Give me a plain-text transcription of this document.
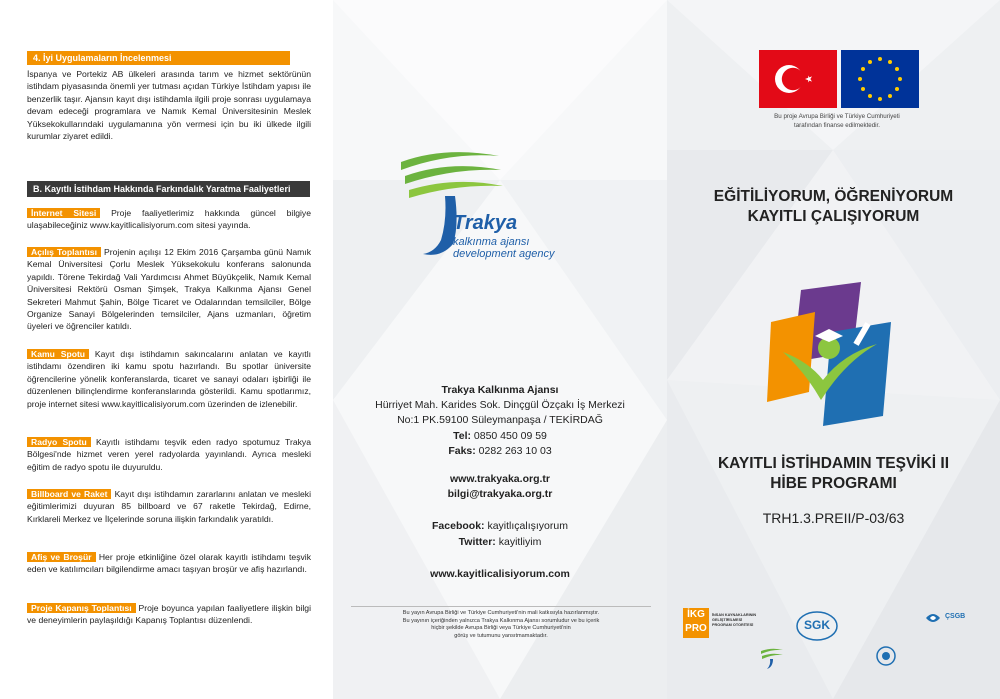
4. İyi Uygulamaların İncelenmesi

İspanya ve Portekiz AB ülkeleri arasında tarım ve hizmet sektörünün istihdam piyasasında önemli yer tutması açıdan Türkiye İstihdam yapısı ile benzerlik taşır. Ajansın kayıt dışı istihdamla ilgili proje sonrası uygulamaya devam edeceği programlara ve Namık Kemal Üniversitesinin Meslek Yüksekokullarındaki uygulamanına yön vermesi için bu iki ülkede ilgili kurumlar ziyaret edildi.

B. Kayıtlı İstihdam Hakkında Farkındalık Yaratma Faaliyetleri

İnternet Sitesi Proje faaliyetlerimiz hakkında güncel bilgiye ulaşabileceğiniz www.kayitlicalisiyorum.com sitesi yayında.

Açılış Toplantısı Projenin açılışı 12 Ekim 2016 Çarşamba günü Namık Kemal Üniversitesi Çorlu Meslek Yüksekokulu konferans salonunda yapıldı. Törene Tekirdağ Vali Yardımcısı Ahmet Büyükçelik, Namık Kemal Üniversitesi Rektörü Osman Şimşek, Trakya Kalkınma Ajansı Genel Sekreteri Mahmut Şahin, Bölge Ticaret ve Odalarından temsilciler, Bölge Organize Sanayi Bölgelerinden temsilciler, Ajans uzmanları, öğretim üyeleri ve öğrenciler katıldı.

Kamu Spotu Kayıt dışı istihdamın sakıncalarını anlatan ve kayıtlı istihdamı özendiren iki kamu spotu hazırlandı. Bu spotlar üniversite öğrencilerine yönelik konferanslarda, ticaret ve sanayi odaları işbirliği ile düzenlenen bilinçlendirme konferanslarında gösterildi. Kamu spotlarımız, proje internet sitesi www.kayitlicalisiyorum.com üzerinden de izlenebilir.

Radyo Spotu Kayıtlı istihdamı teşvik eden radyo spotumuz Trakya Bölgesi'nde hizmet veren yerel radyolarda yayınlandı. Ayrıca mesleki eğitim de radyo spotu ile duyuruldu.

Billboard ve Raket Kayıt dışı istihdamın zararlarını anlatan ve mesleki eğitimlerimizi duyuran 85 billboard ve 67 raketle Tekirdağ, Edirne, Kırklareli Merkez ve İlçelerinde soruna ilişkin farkındalık yaratıldı.

Afiş ve Broşür Her proje etkinliğine özel olarak kayıtlı istihdamı teşvik eden ve katılımcıları bilgilendirme amacı taşıyan broşür ve afiş hazırlandı.

Proje Kapanış Toplantısı Proje boyunca yapılan faaliyetlere ilişkin bilgi ve deneyimlerin paylaşıldığı Kapanış Toplantısı düzenlendi.

Trakya
kalkınma ajansı
development agency
Trakya Kalkınma Ajansı
Hürriyet Mah. Karides Sok. Dinçgül Özçakı İş Merkezi
No:1 PK.59100 Süleymanpaşa / TEKİRDAĞ
Tel: 0850 450 09 59
Faks: 0282 263 10 03
www.trakyaka.org.tr
bilgi@trakyaka.org.tr
Facebook: kayitlıçalışıyorum
Twitter: kayitliyim
www.kayitlicalisiyorum.com
Bu yayın Avrupa Birliği ve Türkiye Cumhuriyeti'nin mali katkısıyla hazırlanmıştır.
Bu yayının içeriğinden yalnızca Trakya Kalkınma Ajansı sorumludur ve bu içerik
hiçbir şekilde Avrupa Birliği veya Türkiye Cumhuriyeti'nin
görüş ve tutumunu yansıtmamaktadır.
Bu proje Avrupa Birliği ve Türkiye Cumhuriyeti
tarafından finanse edilmektedir.
EĞİTİLİYORUM, ÖĞRENİYORUM
KAYITLI ÇALIŞIYORUM
KAYITLI İSTİHDAMIN TEŞVİKİ II
HİBE PROGRAMI
TRH1.3.PREII/P-03/63
İKG
PRO
İNSAN KAYNAKLARININ
GELİŞTİRİLMESİ
PROGRAM OTORİTESİ	SGK
ÇSGB
